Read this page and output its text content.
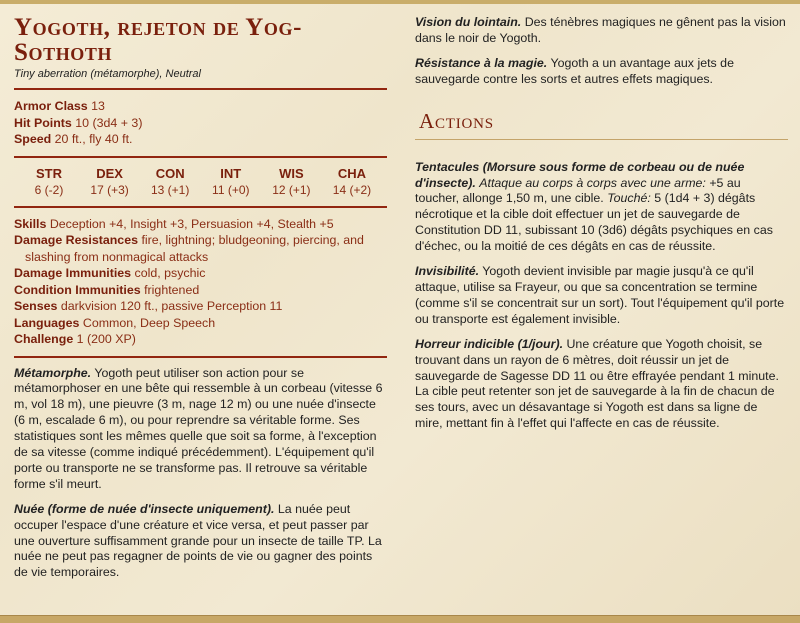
Yogoth, rejeton de Yog-Sothoth
Tiny aberration (métamorphe), Neutral
Armor Class 13
Hit Points 10 (3d4 + 3)
Speed 20 ft., fly 40 ft.
STR
6 (-2)
DEX
17 (+3)
CON
13 (+1)
INT
11 (+0)
WIS
12 (+1)
CHA
14 (+2)
Skills Deception +4, Insight +3, Persuasion +4, Stealth +5
Damage Resistances fire, lightning; bludgeoning, piercing, and slashing from nonmagical attacks
Damage Immunities cold, psychic
Condition Immunities frightened
Senses darkvision 120 ft., passive Perception 11
Languages Common, Deep Speech
Challenge 1 (200 XP)

Métamorphe. Yogoth peut utiliser son action pour se métamorphoser en une bête qui ressemble à un corbeau (vitesse 6 m, vol 18 m), une pieuvre (3 m, nage 12 m) ou une nuée d'insecte (6 m, escalade 6 m), ou pour reprendre sa véritable forme. Ses statistiques sont les mêmes quelle que soit sa forme, à l'exception de sa vitesse (comme indiqué précédemment). L'équipement qu'il porte ou transporte ne se transforme pas. Il retrouve sa véritable forme s'il meurt.

Nuée (forme de nuée d'insecte uniquement). La nuée peut occuper l'espace d'une créature et vice versa, et peut passer par une ouverture suffisamment grande pour un insecte de taille TP. La nuée ne peut pas regagner de points de vie ou gagner des points de vie temporaires.

Vision du lointain. Des ténèbres magiques ne gênent pas la vision dans le noir de Yogoth.

Résistance à la magie. Yogoth a un avantage aux jets de sauvegarde contre les sorts et autres effets magiques.

Actions

Tentacules (Morsure sous forme de corbeau ou de nuée d'insecte). Attaque au corps à corps avec une arme: +5 au toucher, allonge 1,50 m, une cible. Touché: 5 (1d4 + 3) dégâts nécrotique et la cible doit effectuer un jet de sauvegarde de Constitution DD 11, subissant 10 (3d6) dégâts psychiques en cas d'échec, ou la moitié de ces dégâts en cas de réussite.

Invisibilité. Yogoth devient invisible par magie jusqu'à ce qu'il attaque, utilise sa Frayeur, ou que sa concentration se termine (comme s'il se concentrait sur un sort). Tout l'équipement qu'il porte ou transporte est également invisible.

Horreur indicible (1/jour). Une créature que Yogoth choisit, se trouvant dans un rayon de 6 mètres, doit réussir un jet de sauvegarde de Sagesse DD 11 ou être effrayée pendant 1 minute. La cible peut retenter son jet de sauvegarde à la fin de chacun de ses tours, avec un désavantage si Yogoth est dans sa ligne de mire, mettant fin à l'effet qui l'affecte en cas de réussite.
